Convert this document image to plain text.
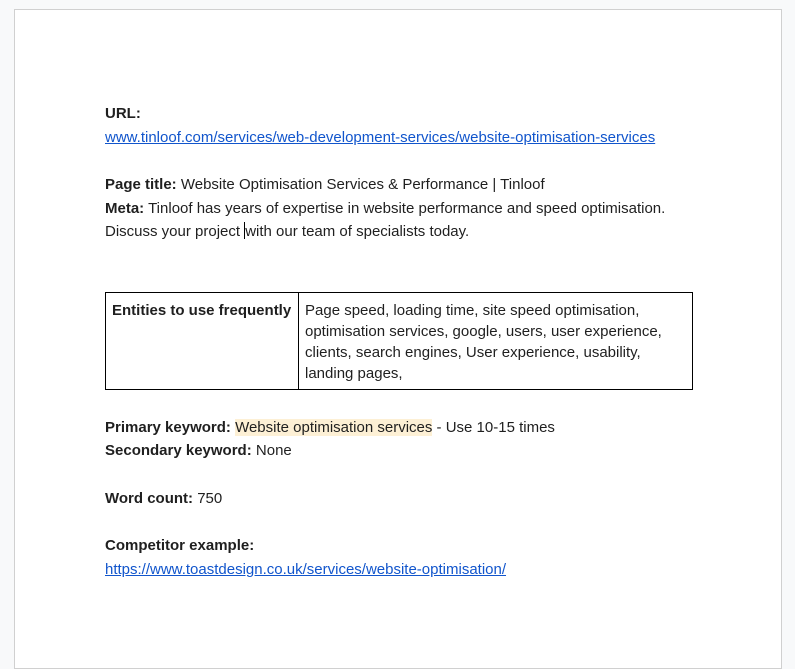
URL:
www.tinloof.com/services/web-development-services/website-optimisation-services
Page title: Website Optimisation Services & Performance | Tinloof
Meta: Tinloof has years of expertise in website performance and speed optimisation. Discuss your project with our team of specialists today.
Entities to use frequently	Page speed, loading time, site speed optimisation, optimisation services, google, users, user experience, clients, search engines, User experience, usability, landing pages,
Primary keyword: Website optimisation services - Use 10-15 times
Secondary keyword: None
Word count: 750
Competitor example:
https://www.toastdesign.co.uk/services/website-optimisation/
